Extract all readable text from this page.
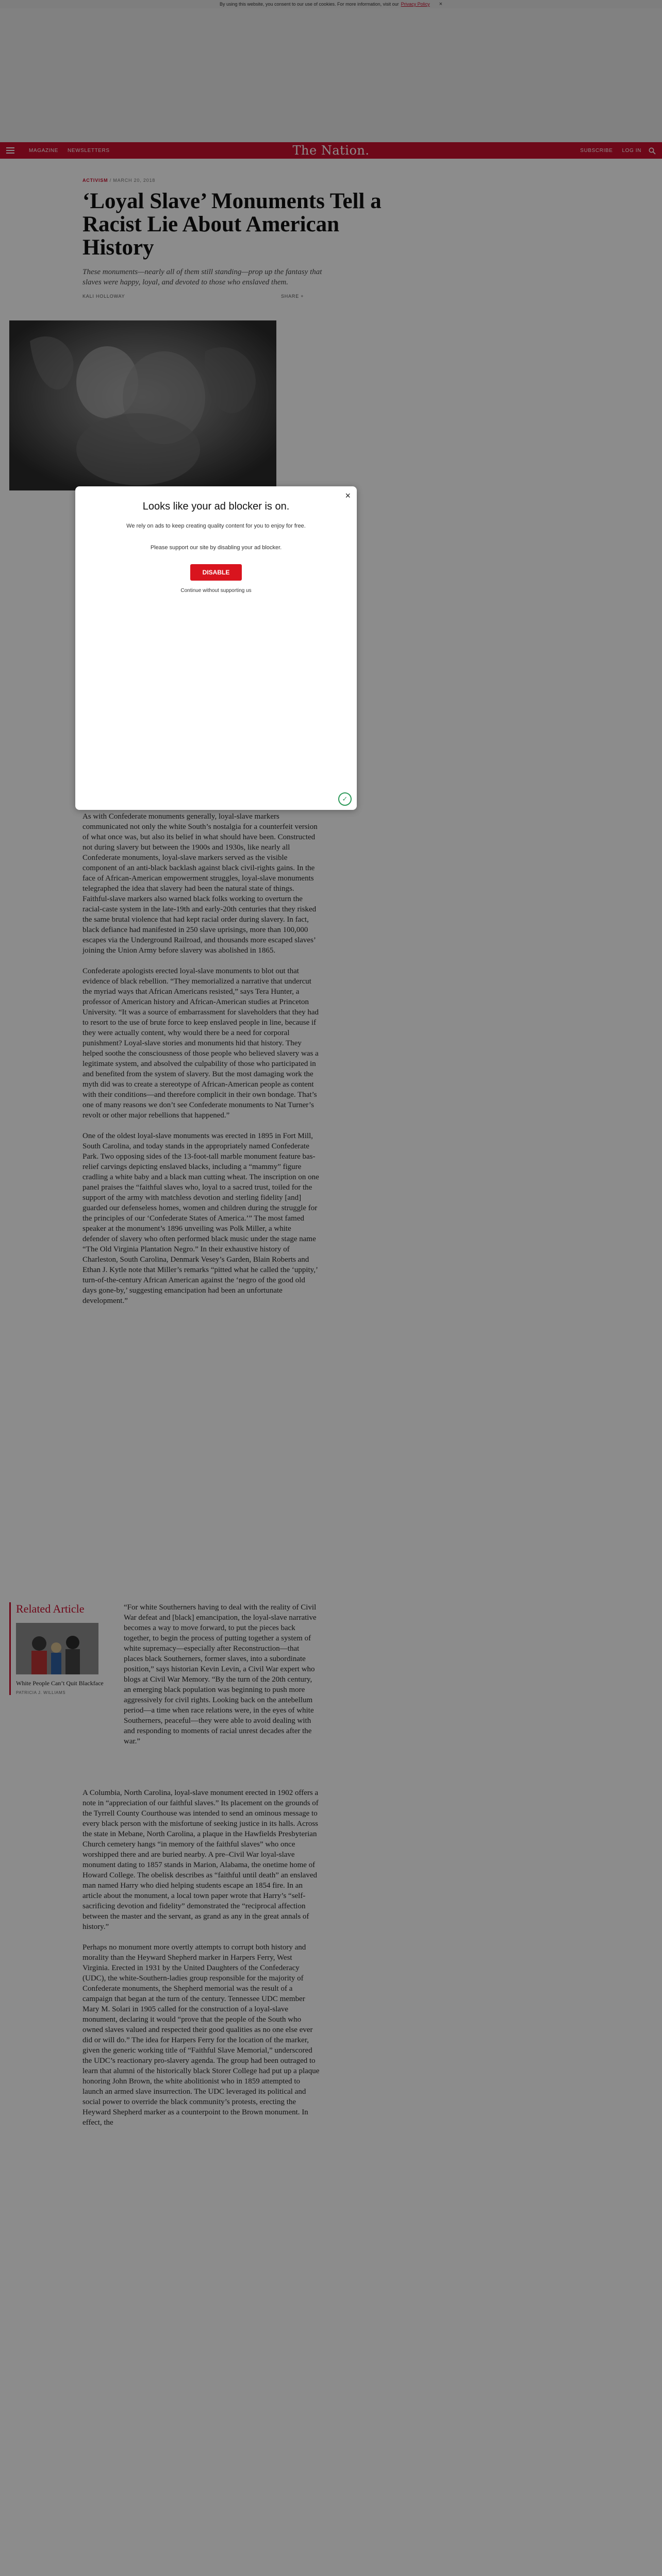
By using this website, you consent to our use of cookies. For more information, visit our Privacy Policy ×
MAGAZINE NEWSLETTERS	The Nation.	SUBSCRIBE LOG IN
ACTIVISM / MARCH 20, 2018
‘Loyal Slave’ Monuments Tell a Racist Lie About American History

These monuments—nearly all of them still standing—prop up the fantasy that slaves were happy, loyal, and devoted to those who enslaved them.

KALI HOLLOWAY	SHARE +

As with Confederate monuments generally, loyal-slave markers communicated not only the white South’s nostalgia for a counterfeit version of what once was, but also its belief in what should have been. Constructed not during slavery but between the 1900s and 1930s, like nearly all Confederate monuments, loyal-slave markers served as the visible component of an anti-black backlash against black civil-rights gains. In the face of African-American empowerment struggles, loyal-slave monuments telegraphed the idea that slavery had been the natural state of things. Faithful-slave markers also warned black folks working to overturn the racial-caste system in the late-19th and early-20th centuries that they risked the same brutal violence that had kept racial order during slavery. In fact, black defiance had manifested in 250 slave uprisings, more than 100,000 escapes via the Underground Railroad, and thousands more escaped slaves’ joining the Union Army before slavery was abolished in 1865.

Confederate apologists erected loyal-slave monuments to blot out that evidence of black rebellion. “They memorialized a narrative that undercut the myriad ways that African Americans resisted,” says Tera Hunter, a professor of American history and African-American studies at Princeton University. “It was a source of embarrassment for slaveholders that they had to resort to the use of brute force to keep enslaved people in line, because if they were actually content, why would there be a need for corporal punishment? Loyal-slave stories and monuments hid that history. They helped soothe the consciousness of those people who believed slavery was a legitimate system, and absolved the culpability of those who participated in and benefited from the system of slavery. But the most damaging work the myth did was to create a stereotype of African-American people as content with their conditions—and therefore complicit in their own bondage. That’s one of many reasons we don’t see Confederate monuments to Nat Turner’s revolt or other major rebellions that happened.”

One of the oldest loyal-slave monuments was erected in 1895 in Fort Mill, South Carolina, and today stands in the appropriately named Confederate Park. Two opposing sides of the 13-foot-tall marble monument feature bas-relief carvings depicting enslaved blacks, including a “mammy” figure cradling a white baby and a black man cutting wheat. The inscription on one panel praises the “faithful slaves who, loyal to a sacred trust, toiled for the support of the army with matchless devotion and sterling fidelity [and] guarded our defenseless homes, women and children during the struggle for the principles of our ‘Confederate States of America.’” The most famed speaker at the monument’s 1896 unveiling was Polk Miller, a white defender of slavery who often performed black music under the stage name “The Old Virginia Plantation Negro.” In their exhaustive history of Charleston, South Carolina, Denmark Vesey’s Garden, Blain Roberts and Ethan J. Kytle note that Miller’s remarks “pitted what he called the ‘uppity,’ turn-of-the-century African American against the ‘negro of the good old days gone-by,’ suggesting emancipation had been an unfortunate development.”

Related Article
White People Can’t Quit Blackface
PATRICIA J. WILLIAMS

“For white Southerners having to deal with the reality of Civil War defeat and [black] emancipation, the loyal-slave narrative becomes a way to move forward, to put the pieces back together, to begin the process of putting together a system of white supremacy—especially after Reconstruction—that places black Southerners, former slaves, into a subordinate position,” says historian Kevin Levin, a Civil War expert who blogs at Civil War Memory. “By the turn of the 20th century, an emerging black population was beginning to push more aggressively for civil rights. Looking back on the antebellum period—a time when race relations were, in the eyes of white Southerners, peaceful—they were able to avoid dealing with and responding to moments of racial unrest decades after the war.”

A Columbia, North Carolina, loyal-slave monument erected in 1902 offers a note in “appreciation of our faithful slaves.” Its placement on the grounds of the Tyrrell County Courthouse was intended to send an ominous message to every black person with the misfortune of seeking justice in its halls. Across the state in Mebane, North Carolina, a plaque in the Hawfields Presbyterian Church cemetery hangs “in memory of the faithful slaves” who once worshipped there and are buried nearby. A pre–Civil War loyal-slave monument dating to 1857 stands in Marion, Alabama, the onetime home of Howard College. The obelisk describes as “faithful until death” an enslaved man named Harry who died helping students escape an 1854 fire. In an article about the monument, a local town paper wrote that Harry’s “self-sacrificing devotion and fidelity” demonstrated the “reciprocal affection between the master and the servant, as grand as any in the great annals of history.”

Perhaps no monument more overtly attempts to corrupt both history and morality than the Heyward Shepherd marker in Harpers Ferry, West Virginia. Erected in 1931 by the United Daughters of the Confederacy (UDC), the white-Southern-ladies group responsible for the majority of Confederate monuments, the Shepherd memorial was the result of a campaign that began at the turn of the century. Tennessee UDC member Mary M. Solari in 1905 called for the construction of a loyal-slave monument, declaring it would “prove that the people of the South who owned slaves valued and respected their good qualities as no one else ever did or will do.” The idea for Harpers Ferry for the location of the marker, given the generic working title of “Faithful Slave Memorial,” underscored the UDC’s reactionary pro-slavery agenda. The group had been outraged to learn that alumni of the historically black Storer College had put up a plaque honoring John Brown, the white abolitionist who in 1859 attempted to launch an armed slave insurrection. The UDC leveraged its political and social power to override the black community’s protests, erecting the Heyward Shepherd marker as a counterpoint to the Brown monument. In effect, the

×
Looks like your ad blocker is on.

We rely on ads to keep creating quality content for you to enjoy for free.

Please support our site by disabling your ad blocker.

DISABLE

Continue without supporting us

✓
